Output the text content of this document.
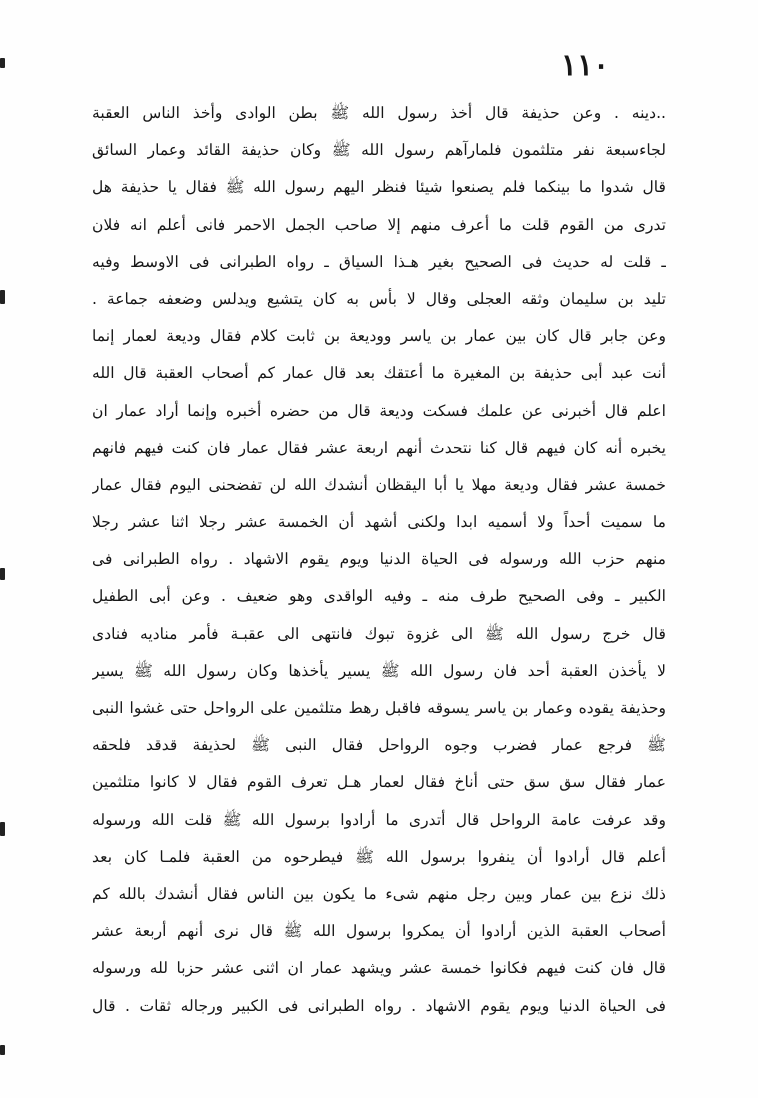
١١٠
..دينه . وعن حذيفة قال أخذ رسول الله ﷺ بطن الوادى وأخذ الناس العقبة
لجاءسبعة نفر متلثمون فلمارآهم رسول الله ﷺ وكان حذيفة القائد وعمار السائق
قال شدوا ما بينكما فلم يصنعوا شيئا فنظر اليهم رسول الله ﷺ فقال يا حذيفة هل
تدرى من القوم قلت ما أعرف منهم إلا صاحب الجمل الاحمر فانى أعلم انه فلان
ـ قلت له حديث فى الصحيح بغير هـذا السياق ـ رواه الطبرانى فى الاوسط وفيه
تليد بن سليمان وثقه العجلى وقال لا بأس به كان يتشيع ويدلس وضعفه جماعة .
وعن جابر قال كان بين عمار بن ياسر ووديعة بن ثابت كلام فقال وديعة لعمار إنما
أنت عبد أبى حذيفة بن المغيرة ما أعتقك بعد قال عمار كم أصحاب العقبة قال الله
اعلم قال أخبرنى عن علمك فسكت وديعة قال من حضره أخبره وإنما أراد عمار ان
يخبره أنه كان فيهم قال كنا نتحدث أنهم اربعة عشر فقال عمار فان كنت فيهم فانهم
خمسة عشر فقال وديعة مهلا يا أبا اليقظان أنشدك الله لن تفضحنى اليوم فقال عمار
ما سميت أحداً ولا أسميه ابدا ولكنى أشهد أن الخمسة عشر رجلا اثنا عشر رجلا
منهم حزب الله ورسوله فى الحياة الدنيا ويوم يقوم الاشهاد . رواه الطبرانى فى
الكبير ـ وفى الصحيح طرف منه ـ وفيه الواقدى وهو ضعيف . وعن أبى الطفيل
قال خرج رسول الله ﷺ الى غزوة تبوك فانتهى الى عقبـة فأمر مناديه فنادى
لا يأخذن العقبة أحد فان رسول الله ﷺ يسير يأخذها وكان رسول الله ﷺ يسير
وحذيفة يقوده وعمار بن ياسر يسوقه فاقبل رهط متلثمين على الرواحل حتى غشوا النبى
ﷺ فرجع عمار فضرب وجوه الرواحل فقال النبى ﷺ لحذيفة قدقد فلحقه
عمار فقال سق سق حتى أناخ فقال لعمار هـل تعرف القوم فقال لا كانوا متلثمين
وقد عرفت عامة الرواحل قال أتدرى ما أرادوا برسول الله ﷺ قلت الله ورسوله
أعلم قال أرادوا أن ينفروا برسول الله ﷺ فيطرحوه من العقبة فلمـا كان بعد
ذلك نزع بين عمار وبين رجل منهم شىء ما يكون بين الناس فقال أنشدك بالله كم
أصحاب العقبة الذين أرادوا أن يمكروا برسول الله ﷺ قال نرى أنهم أربعة عشر
قال فان كنت فيهم فكانوا خمسة عشر ويشهد عمار ان اثنى عشر حزبا لله ورسوله
فى الحياة الدنيا ويوم يقوم الاشهاد . رواه الطبرانى فى الكبير ورجاله ثقات . قال
